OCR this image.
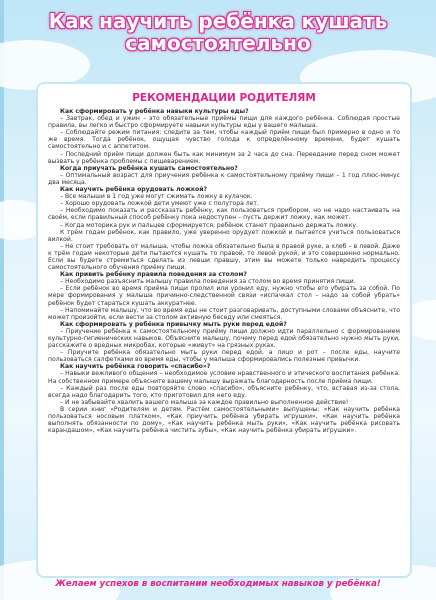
Как научить ребёнка кушать
самостоятельно
РЕКОМЕНДАЦИИ РОДИТЕЛЯМ

Как сформировать у ребёнка навыки культуры еды?

– Завтрак, обед и ужин – это обязательные приёмы пищи для каждого ребёнка. Соблюдая простые правила, вы легко и быстро сформируете навыки культуры еды у вашего малыша.

– Соблюдайте режим питания: следите за тем, чтобы каждый приём пищи был примерно в одно и то же время. Тогда ребёнок, ощущая чувство голода к определённому времени, будет кушать самостоятельно и с аппетитом.

– Последний приём пищи должен быть как минимум за 2 часа до сна. Переедание перед сном может вызвать у ребёнка проблемы с пищеварением.

Когда приучать ребёнка кушать самостоятельно?

– Оптимальный возраст для приучения ребёнка к самостоятельному приёму пищи – 1 год плюс-минус два месяца.

Как научить ребёнка орудовать ложкой?

– Все малыши в 1 год уже могут сжимать ложку в кулачок.

– Хорошо орудовать ложкой дети умеют уже с полутора лет.

– Необходимо показать и рассказать ребёнку, как пользоваться прибором, но не надо настаивать на своём, если правильный способ ребёнку пока недоступен – пусть держит ложку, как может.

– Когда моторика рук и пальцев сформируется, ребёнок станет правильно держать ложку.

К трём годам ребёнок, как правило, уже уверенно орудует ложкой и пытается учиться пользоваться вилкой.

– Не стоит требовать от малыша, чтобы ложка обязательно была в правой руке, а хлеб – в левой. Даже к трём годам некоторые дети пытаются кушать то правой, то левой рукой, и это совершенно нормально. Если вы будете стремиться сделать из левши правшу, этим вы можете только навредить процессу самостоятельного обучения приёму пищи.

Как привить ребёнку правила поведения за столом?

– Необходимо разъяснить малышу правила поведения за столом во время принятия пищи.

– Если ребёнок во время приёма пищи пролил или уронил еду, нужно чтобы его убирать за собой. По мере формирования у малыша причинно-следственной связи «испачкал стол – надо за собой убрать» ребёнок будет стараться кушать аккуратнее.

– Напоминайте малышу, что во время еды не стоит разговаривать, доступными словами объясните, что может произойти, если вести за столом активную беседу или смеяться.

Как сформировать у ребёнка привычку мыть руки перед едой?

– Приучение ребёнка к самостоятельному приёму пищи должно идти параллельно с формированием культурно-гигиенических навыков. Объясните малышу, почему перед едой обязательно нужно мыть руки, расскажите о вредных микробах, которые «живут» на грязных руках.

– Приучите ребёнка обязательно мыть руки перед едой, а лицо и рот – после еды, научите пользоваться салфетками во время еды, чтобы у малыша сформировались полезные привычки.

Как научить ребёнка говорить «спасибо»?

– Навыки вежливого общения – необходимое условие нравственного и этического воспитания ребёнка. На собственном примере объясните вашему малышу выражать благодарность после приёма пищи.

– Каждый раз после еды повторяйте слово «спасибо», объясните ребёнку, что, вставая из-за стола, всегда надо благодарить того, кто приготовил для него еду.

– И не забывайте хвалить вашего малыша за каждое правильно выполненное действие!

В серии книг «Родителям и детям. Растём самостоятельными» выпущены: «Как научить ребёнка пользоваться носовым платком», «Как приучить ребёнка убирать игрушки», «Как научить ребёнка выполнять обязанности по дому», «Как научить ребёнка мыть руки», «Как научить ребёнка рисовать карандашом», «Как научить ребёнка чистить зубы», «Как научить ребёнка убирать игрушки».

Желаем успехов в воспитании необходимых навыков у ребёнка!
